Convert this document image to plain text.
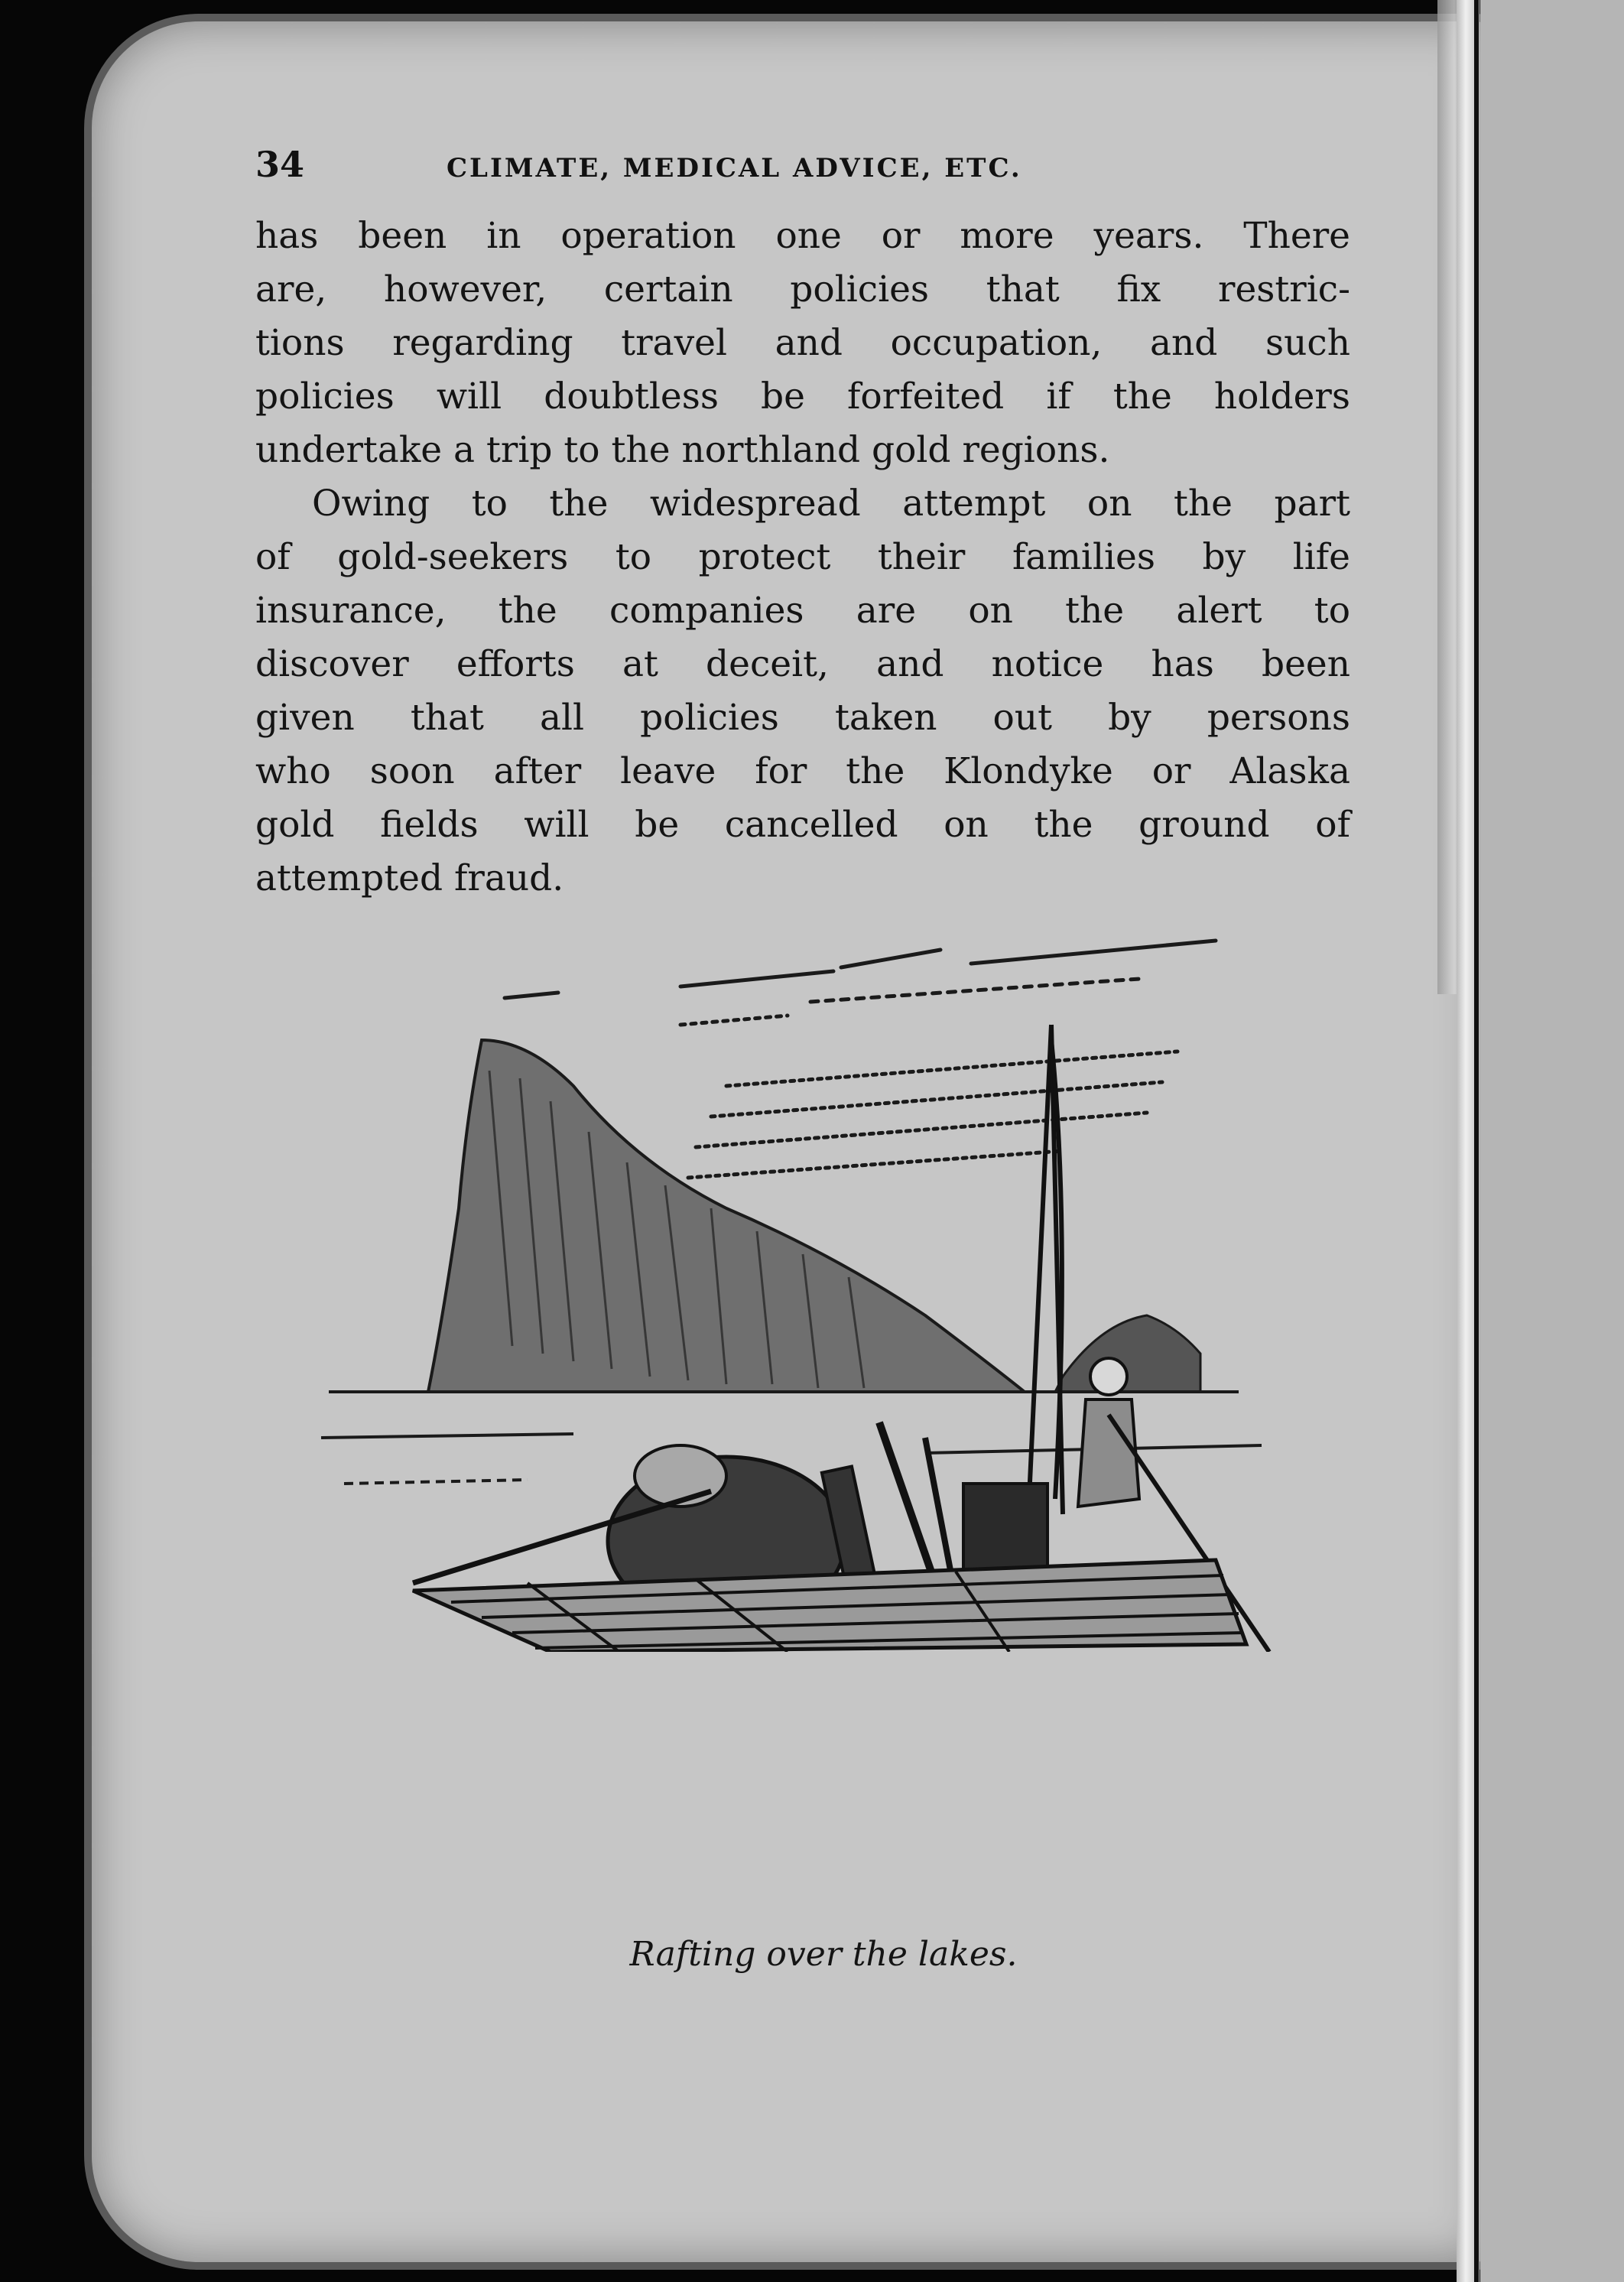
34	CLIMATE, MEDICAL ADVICE, ETC.
has been in operation one or more years. There
are, however, certain policies that fix restric-
tions regarding travel and occupation, and such
policies will doubtless be forfeited if the holders
undertake a trip to the northland gold regions.
Owing to the widespread attempt on the part
of gold-seekers to protect their families by life
insurance, the companies are on the alert to
discover efforts at deceit, and notice has been
given that all policies taken out by persons
who soon after leave for the Klondyke or Alaska
gold fields will be cancelled on the ground of
attempted fraud.
Rafting over the lakes.
